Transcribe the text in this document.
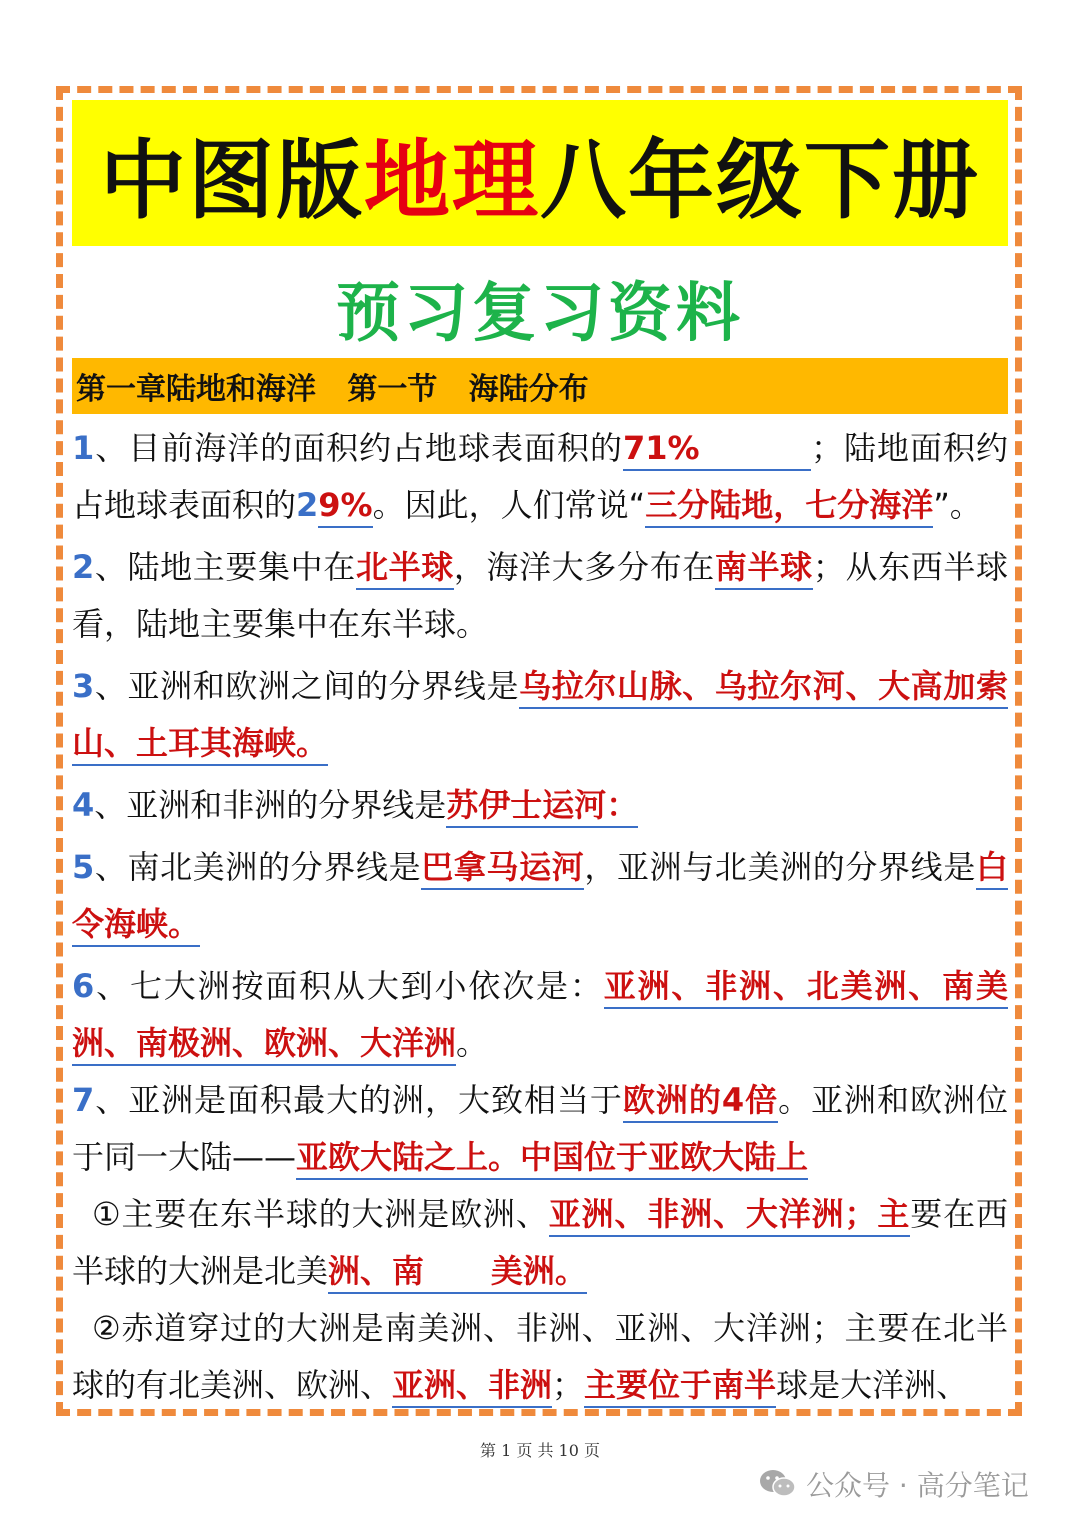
中图版地理八年级下册
预习复习资料
第一章陆地和海洋   第一节   海陆分布

1、目前海洋的面积约占地球表面积的71%	；陆地面积约占地球表面积的29%。因此，人们常说“三分陆地，七分海洋”。

2、陆地主要集中在北半球，海洋大多分布在南半球；从东西半球看，陆地主要集中在东半球。

3、亚洲和欧洲之间的分界线是乌拉尔山脉、乌拉尔河、大高加索山、土耳其海峡。

4、亚洲和非洲的分界线是苏伊士运河：

5、南北美洲的分界线是巴拿马运河，亚洲与北美洲的分界线是白令海峡。

6、七大洲按面积从大到小依次是：亚洲、非洲、北美洲、南美洲、南极洲、欧洲、大洋洲。

7、亚洲是面积最大的洲，大致相当于欧洲的4倍。亚洲和欧洲位于同一大陆——亚欧大陆之上。中国位于亚欧大陆上

①主要在东半球的大洲是欧洲、亚洲、非洲、大洋洲；主要在西半球的大洲是北美洲、南      美洲。

②赤道穿过的大洲是南美洲、非洲、亚洲、大洋洲；主要在北半球的有北美洲、欧洲、亚洲、非洲；主要位于南半球是大洋洲、

第 1 页 共 10 页
公众号 · 高分笔记
